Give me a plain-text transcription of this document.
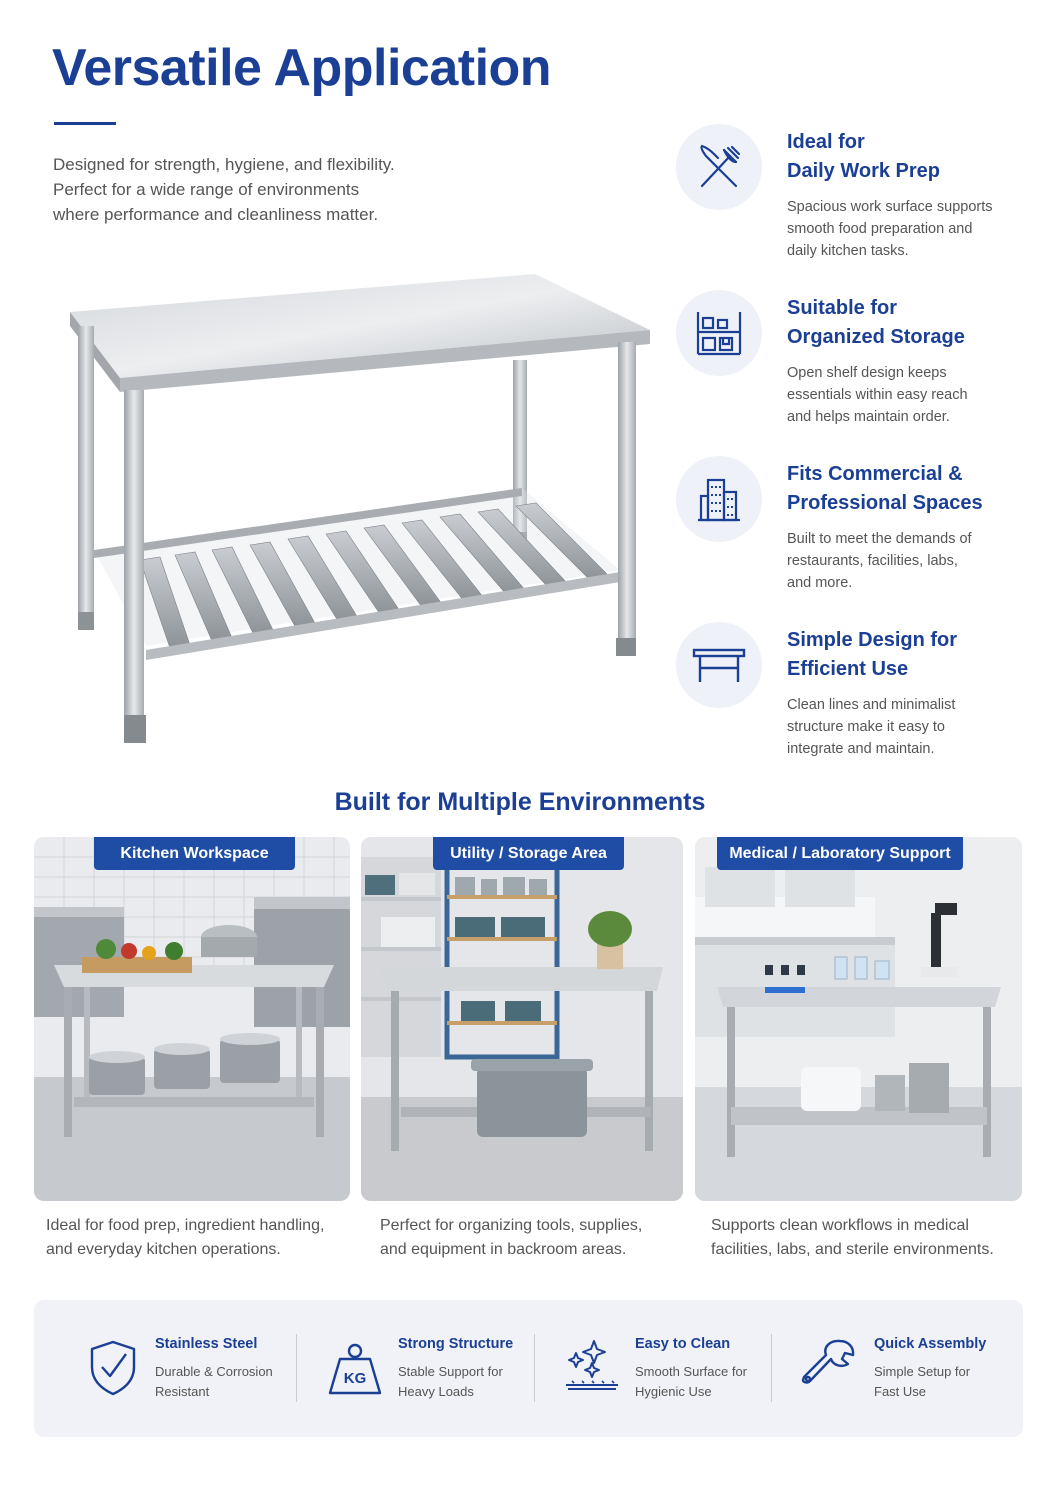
Versatile Application

Designed for strength, hygiene, and flexibility.
Perfect for a wide range of environments
where performance and cleanliness matter.

Ideal for
Daily Work Prep
Spacious work surface supports
smooth food preparation and
daily kitchen tasks.
Suitable for
Organized Storage
Open shelf design keeps
essentials within easy reach
and helps maintain order.
Fits Commercial &
Professional Spaces
Built to meet the demands of
restaurants, facilities, labs,
and more.
Simple Design for
Efficient Use
Clean lines and minimalist
structure make it easy to
integrate and maintain.
Built for Multiple Environments
Kitchen Workspace	Utility / Storage Area	Medical / Laboratory Support

Ideal for food prep, ingredient handling,
and everyday kitchen operations.

Perfect for organizing tools, supplies,
and equipment in backroom areas.

Supports clean workflows in medical
facilities, labs, and sterile environments.

Stainless Steel
Durable & Corrosion
Resistant
KG
Strong Structure
Stable Support for
Heavy Loads
Easy to Clean
Smooth Surface for
Hygienic Use
Quick Assembly
Simple Setup for
Fast Use
